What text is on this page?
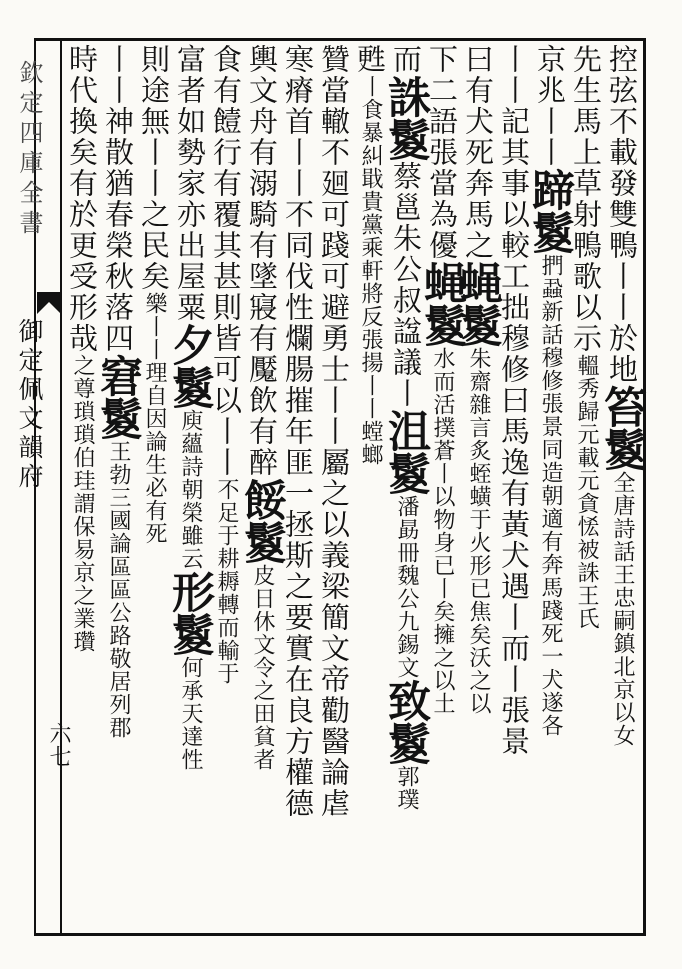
欽定四庫全書
御定佩文韻府
六七
控弦不載發雙鴨丨丨於地笞鬉全唐詩話王忠嗣鎮北京以女
先生馬上草射鴨歌以示轀秀歸元載元貪恡被誅王氏
京兆丨丨蹄鬉捫蝨新話穆修張景同造朝適有奔馬踐死一犬遂各
丨丨記其事以較工拙穆修曰馬逸有黃犬遇丨而丨張景
曰有犬死奔馬之蝇鬉朱齋雜言炙蛭蟥于火形已焦矣沃之以
下二語張當為優蝇鬉水而活撲蒼丨以物身已丨矣擁之以土
而誅鬉蔡邕朱公叔諡議丨沮鬉潘勗冊魏公九錫文致鬉郭璞
甦丨食暴糾戢貴黨乘軒將反張揚丨丨螳螂
贊當轍不廻可踐可避勇士丨丨屬之以義梁簡文帝勸醫論虐
寒瘠首丨丨不同伐性爛腸摧年匪一拯斯之要實在良方權德
輿文舟有溺騎有墜寢有魘飲有醉餒鬉皮日休文令之田貧者
食有饐行有覆其甚則皆可以丨丨不足于耕耨轉而輸于
富者如勢家亦出屋粟夕鬉庾蘊詩朝榮雖云形鬉何承天達性
則途無丨丨之民矣樂丨丨理自因論生必有死
丨丨神散猶春榮秋落四窘鬉王勃三國論區區公路敬居列郡
時代換矣有於更受形哉之尊瑣瑣伯珪謂保易京之業瓚
